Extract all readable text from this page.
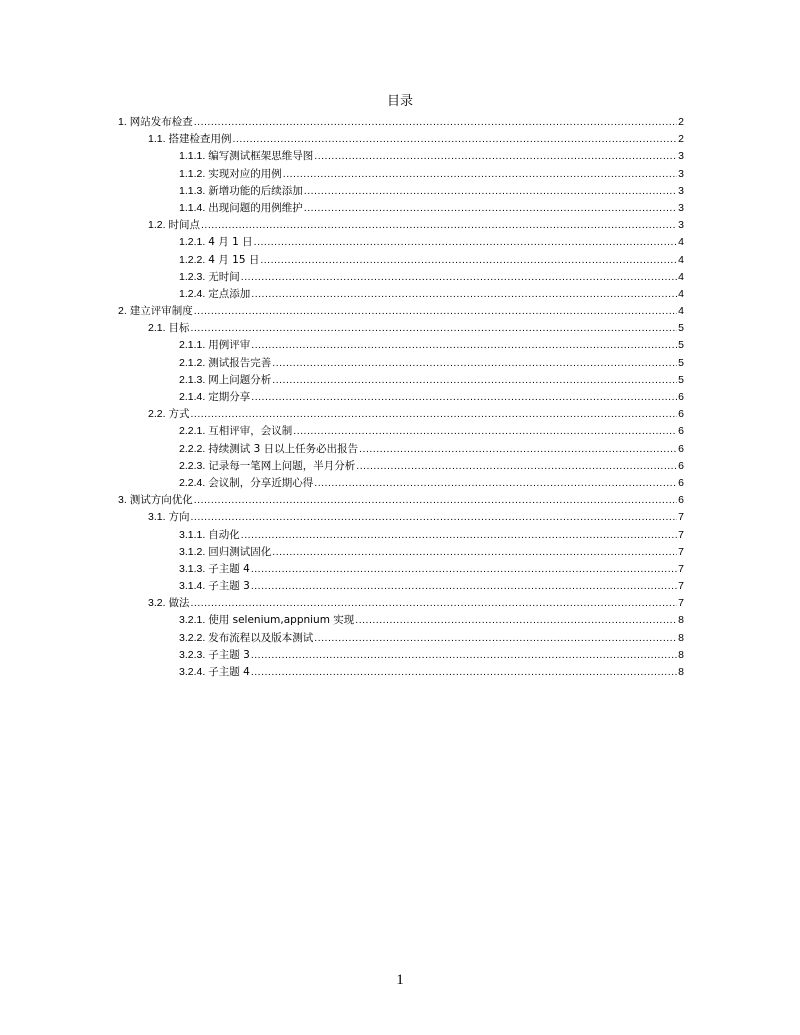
目录
1. 网站发布检查 .....	2
1.1. 搭建检查用例 .....	2
1.1.1. 编写测试框架思维导图 .....	3
1.1.2. 实现对应的用例 .....	3
1.1.3. 新增功能的后续添加 .....	3
1.1.4. 出现问题的用例维护 .....	3
1.2. 时间点 .....	3
1.2.1. 4 月 1 日 .....	4
1.2.2. 4 月 15 日 .....	4
1.2.3. 无时间 .....	4
1.2.4. 定点添加 .....	4
2. 建立评审制度 .....	4
2.1. 目标 .....	5
2.1.1. 用例评审 .....	5
2.1.2. 测试报告完善 .....	5
2.1.3. 网上问题分析 .....	5
2.1.4. 定期分享 .....	6
2.2. 方式 .....	6
2.2.1. 互相评审，会议制 .....	6
2.2.2. 持续测试 3 日以上任务必出报告 .....	6
2.2.3. 记录每一笔网上问题，半月分析 .....	6
2.2.4. 会议制，分享近期心得 .....	6
3. 测试方向优化 .....	6
3.1. 方向 .....	7
3.1.1. 自动化 .....	7
3.1.2. 回归测试固化 .....	7
3.1.3. 子主题 4 .....	7
3.1.4. 子主题 3 .....	7
3.2. 做法 .....	7
3.2.1. 使用 selenium,appnium 实现 .....	8
3.2.2. 发布流程以及版本测试 .....	8
3.2.3. 子主题 3 .....	8
3.2.4. 子主题 4 .....	8
1
